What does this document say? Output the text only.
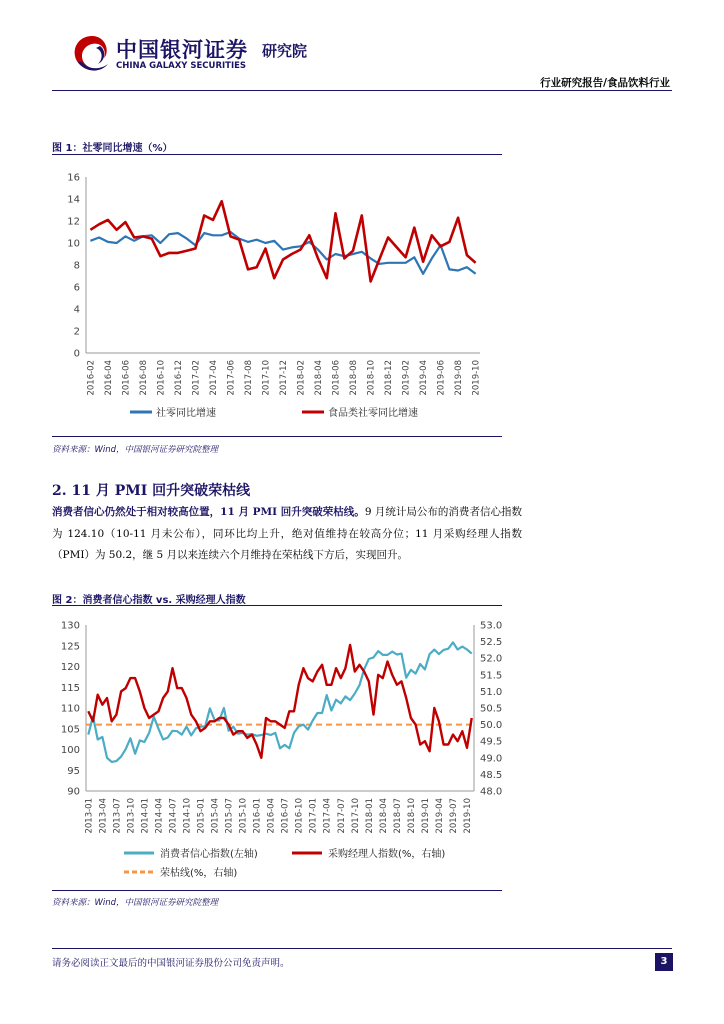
中国银河证券
CHINA GALAXY SECURITIES
研究院
行业研究报告/食品饮料行业
图 1：社零同比增速（%）
0
2
4
6
8
10
12
14
16
2016-02 2016-04 2016-06 2016-08 2016-10 2016-12 2017-02 2017-04 2017-06 2017-08 2017-10 2017-12 2018-02 2018-04 2018-06 2018-08 2018-10 2018-12 2019-02 2019-04 2019-06 2019-08 2019-10
社零同比增速	食品类社零同比增速
资料来源：Wind，中国银河证券研究院整理
2. 11 月 PMI 回升突破荣枯线
消费者信心仍然处于相对较高位置，11 月 PMI 回升突破荣枯线。9 月统计局公布的消费者信心指数为 124.10（10-11 月未公布），同环比均上升，绝对值维持在较高分位；11 月采购经理人指数（PMI）为 50.2，继 5 月以来连续六个月维持在荣枯线下方后，实现回升。
图 2：消费者信心指数 vs. 采购经理人指数
90
95
100
105
110
115
120
125
130
48.0
48.5
49.0
49.5
50.0
50.5
51.0
51.5
52.0
52.5
53.0
2013-01 2013-04 2013-07 2013-10 2014-01 2014-04 2014-07 2014-10 2015-01 2015-04 2015-07 2015-10 2016-01 2016-04 2016-07 2016-10 2017-01 2017-04 2017-07 2017-10 2018-01 2018-04 2018-07 2018-10 2019-01 2019-04 2019-07 2019-10
消费者信心指数(左轴)	采购经理人指数(%，右轴)
荣枯线(%，右轴)
资料来源：Wind，中国银河证券研究院整理
请务必阅读正文最后的中国银河证券股份公司免责声明。	3
